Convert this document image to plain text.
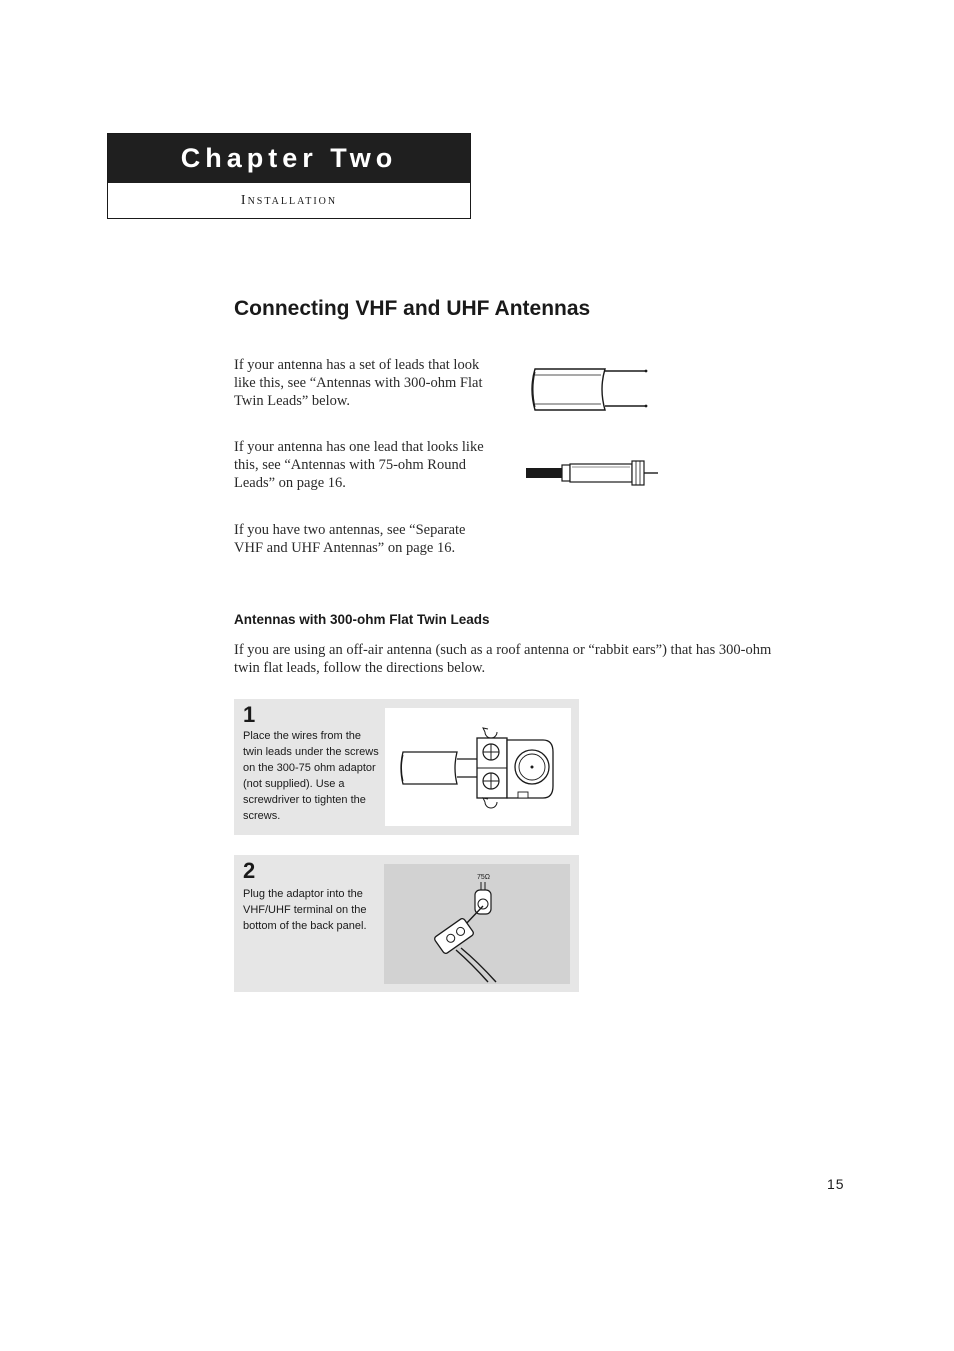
Chapter Two
Installation
Connecting VHF and UHF Antennas
If your antenna has a set of leads that look like this, see “Antennas with 300-ohm Flat Twin Leads” below.
If your antenna has one lead that looks like this, see “Antennas with 75-ohm Round Leads” on page 16.
If you have two antennas, see “Separate VHF and UHF Antennas” on page 16.
Antennas with 300-ohm Flat Twin Leads
If you are using an off-air antenna (such as a roof antenna or “rabbit ears”) that has 300-ohm twin flat leads, follow the directions below.
1
Place the wires from the twin leads under the screws on the 300-75 ohm adaptor (not supplied). Use a screwdriver to tighten the screws.
2
Plug the adaptor into the VHF/UHF terminal on the bottom of the back panel.
75Ω
15
